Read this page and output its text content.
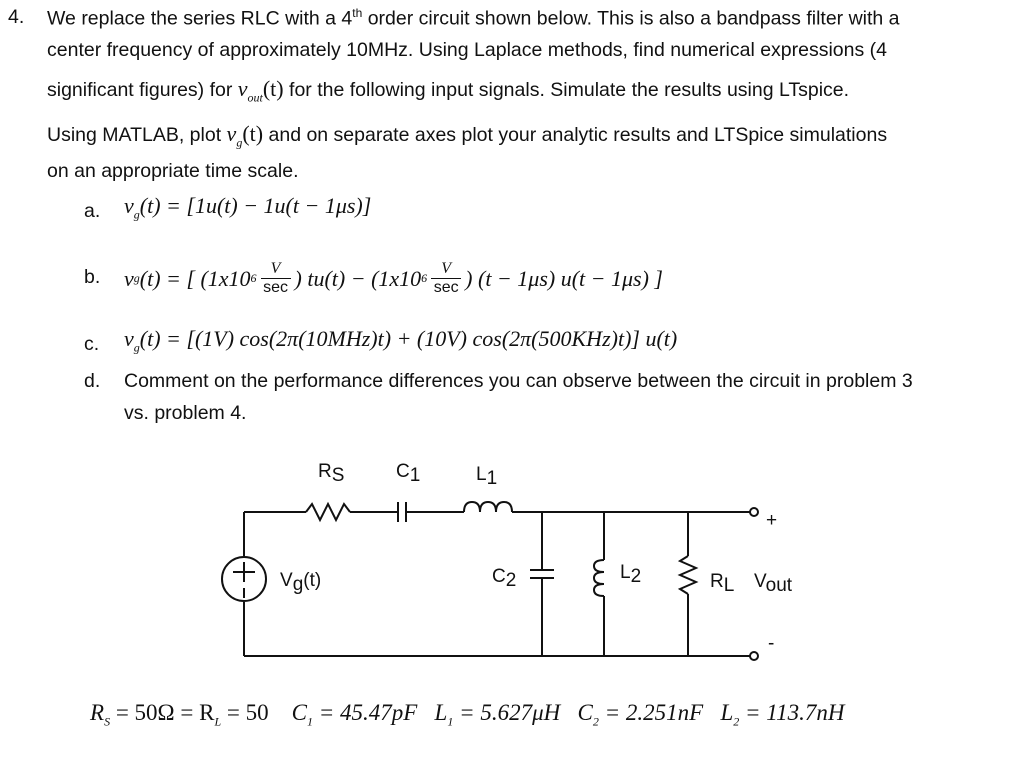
4. We replace the series RLC with a 4th order circuit shown below. This is also a bandpass filter with a
center frequency of approximately 10MHz. Using Laplace methods, find numerical expressions (4
significant figures) for $v_{out}(t)$ for the following input signals. Simulate the results using LTspice.
Using MATLAB, plot $v_g(t)$ and on separate axes plot your analytic results and LTSpice simulations
on an appropriate time scale.
a. $v_g(t) = [1u(t) - 1u(t - 1\mu s)]$
b. v g (t) = [ (1x10 6
V
sec ) tu(t) − (1x10 6
V
sec ) (t − 1μs) u(t − 1μs) ]
c. $v_g(t) = [(1V) \cos(2\pi(10MHz)t) + (10V)$ cos(2π(500KHz)t)] u(t)
d. Comment on the performance differences you can observe between the circuit in problem 3
vs. problem 4.
RS	C1	L1
C2	L2	RL Vout
Vg(t)
+
-
$R_S = 50\Omega = R_L = 50$ $C_1 = 45.47pF$ $L_1 = 5.627\mu H$ $C_2 = 2.251nF$ $L_2 = 113.7nH$
